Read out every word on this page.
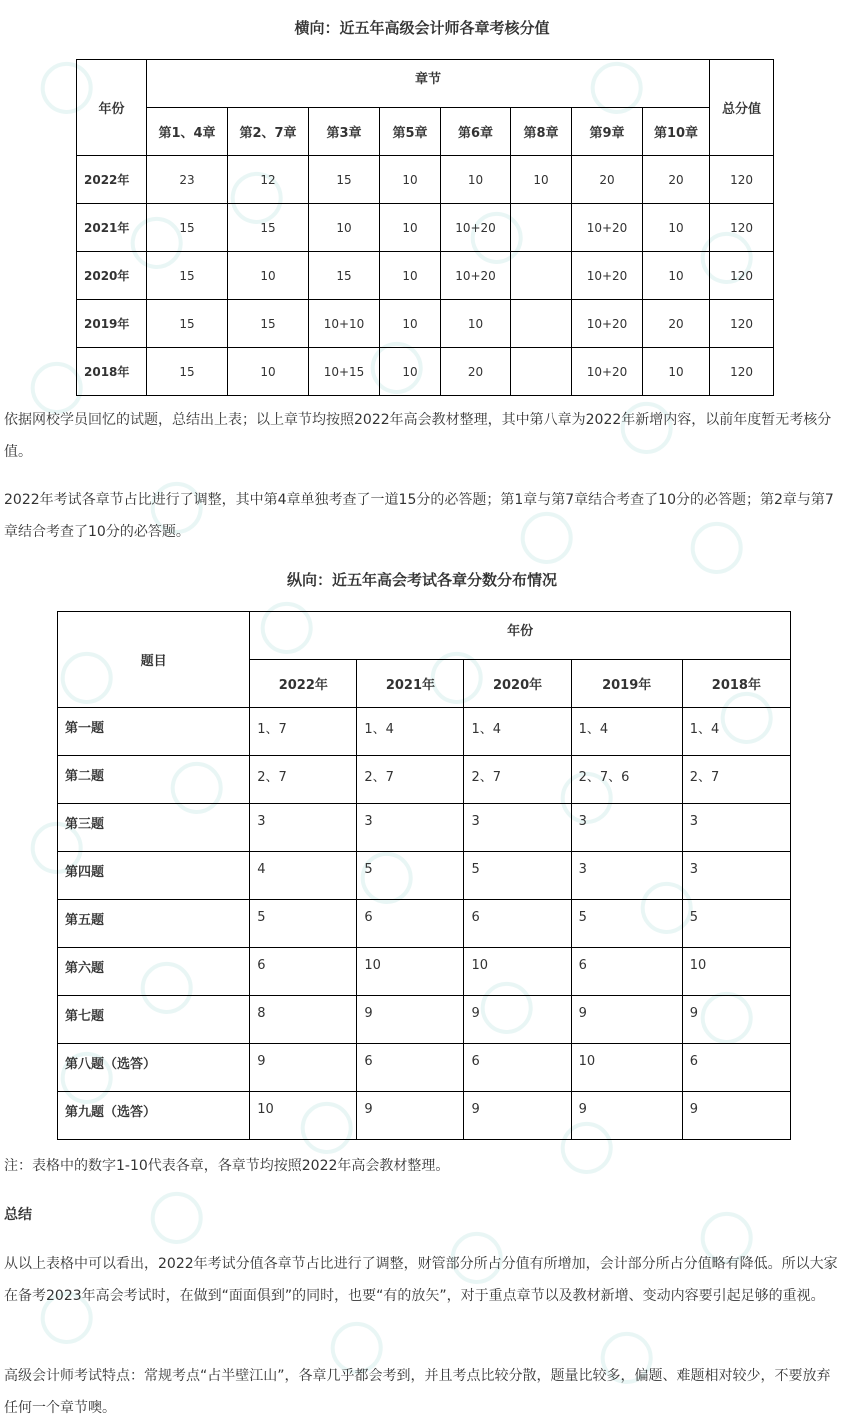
横向：近五年高级会计师各章考核分值
年份	章节								总分值
	第1、4章	第2、7章	第3章	第5章	第6章	第8章	第9章	第10章	
2022年	23	12	15	10	10	10	20	20	120
2021年	15	15	10	10	10+20		10+20	10	120
2020年	15	10	15	10	10+20		10+20	10	120
2019年	15	15	10+10	10	10		10+20	20	120
2018年	15	10	10+15	10	20		10+20	10	120
依据网校学员回忆的试题，总结出上表；以上章节均按照2022年高会教材整理，其中第八章为2022年新增内容，以前年度暂无考核分值。
2022年考试各章节占比进行了调整，其中第4章单独考查了一道15分的必答题；第1章与第7章结合考查了10分的必答题；第2章与第7章结合考查了10分的必答题。
纵向：近五年高会考试各章分数分布情况
题目	年份				
	2022年	2021年	2020年	2019年	2018年
第一题	1、7	1、4	1、4	1、4	1、4
第二题	2、7	2、7	2、7	2、7、6	2、7
第三题	3	3	3	3	3
第四题	4	5	5	3	3
第五题	5	6	6	5	5
第六题	6	10	10	6	10
第七题	8	9	9	9	9
第八题（选答）	9	6	6	10	6
第九题（选答）	10	9	9	9	9
注：表格中的数字1-10代表各章，各章节均按照2022年高会教材整理。
总结
从以上表格中可以看出，2022年考试分值各章节占比进行了调整，财管部分所占分值有所增加，会计部分所占分值略有降低。所以大家在备考2023年高会考试时，在做到“面面俱到”的同时，也要“有的放矢”，对于重点章节以及教材新增、变动内容要引起足够的重视。
高级会计师考试特点：常规考点“占半壁江山”，各章几乎都会考到，并且考点比较分散，题量比较多，偏题、难题相对较少，不要放弃任何一个章节噢。
